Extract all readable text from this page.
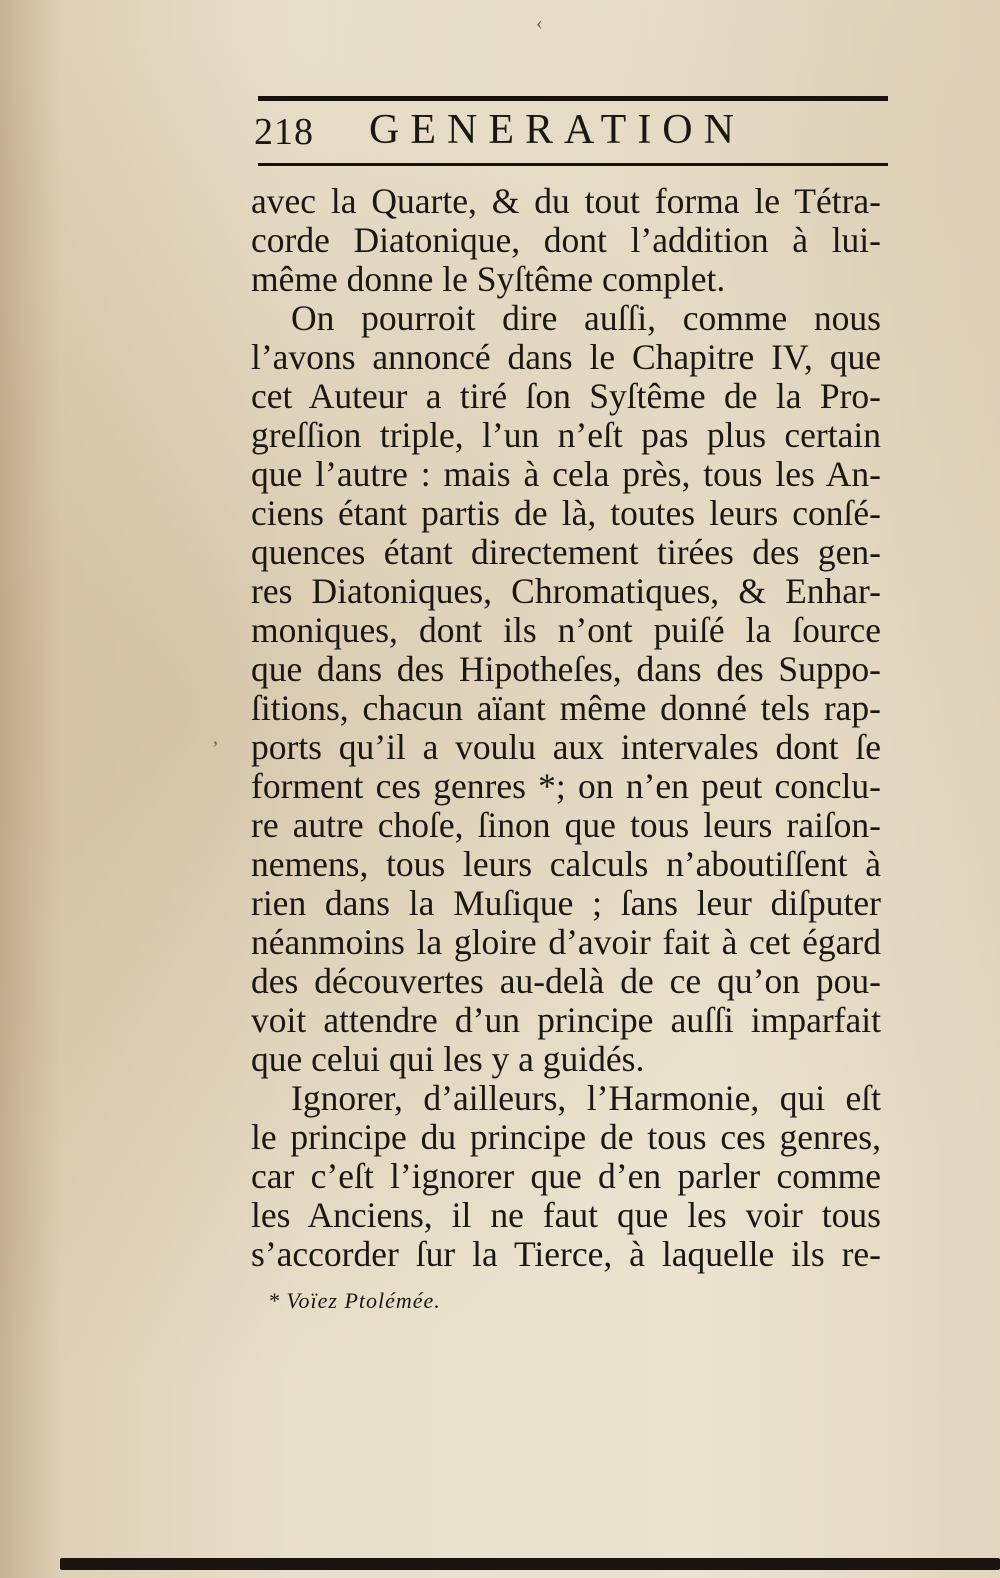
218 GENERATION
avec la Quarte, & du tout forma le Tétra-
corde Diatonique, dont l’addition à lui-
même donne le Syſtême complet.
On pourroit dire auſſi, comme nous
l’avons annoncé dans le Chapitre IV, que
cet Auteur a tiré ſon Syſtême de la Pro-
greſſion triple, l’un n’eſt pas plus certain
que l’autre : mais à cela près, tous les An-
ciens étant partis de là, toutes leurs conſé-
quences étant directement tirées des gen-
res Diatoniques, Chromatiques, & Enhar-
moniques, dont ils n’ont puiſé la ſource
que dans des Hipotheſes, dans des Suppo-
ſitions, chacun aïant même donné tels rap-
ports qu’il a voulu aux intervales dont ſe
forment ces genres *; on n’en peut conclu-
re autre choſe, ſinon que tous leurs raiſon-
nemens, tous leurs calculs n’aboutiſſent à
rien dans la Muſique ; ſans leur diſputer
néanmoins la gloire d’avoir fait à cet égard
des découvertes au-delà de ce qu’on pou-
voit attendre d’un principe auſſi imparfait
que celui qui les y a guidés.
Ignorer, d’ailleurs, l’Harmonie, qui eſt
le principe du principe de tous ces genres,
car c’eſt l’ignorer que d’en parler comme
les Anciens, il ne faut que les voir tous
s’accorder ſur la Tierce, à laquelle ils re-
* Voïez Ptolémée.
‹
ʼ
